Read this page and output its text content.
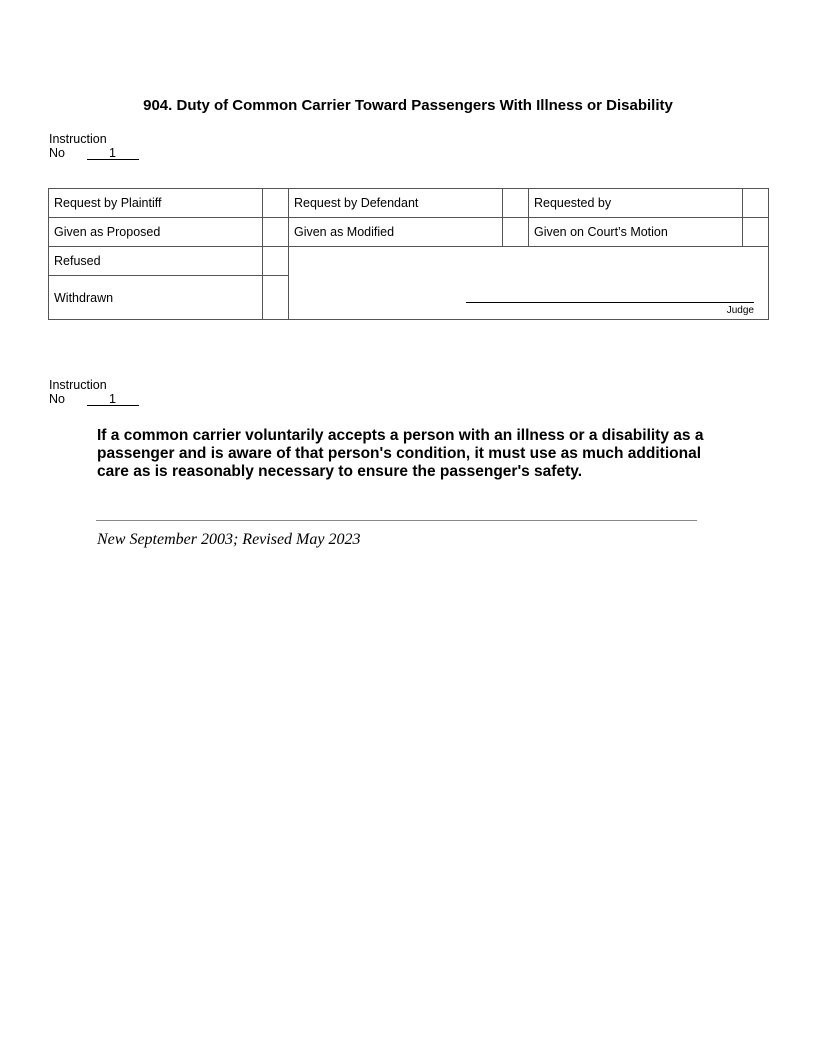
904. Duty of Common Carrier Toward Passengers With Illness or Disability
Instruction
No	1
Request by Plaintiff		Request by Defendant		Requested by	
Given as Proposed		Given as Modified		Given on Court’s Motion	
Refused		Judge			

Withdrawn					
Instruction
No	1
If a common carrier voluntarily accepts a person with an illness or a disability as a passenger and is aware of that person's condition, it must use as much additional care as is reasonably necessary to ensure the passenger's safety.
New September 2003; Revised May 2023
